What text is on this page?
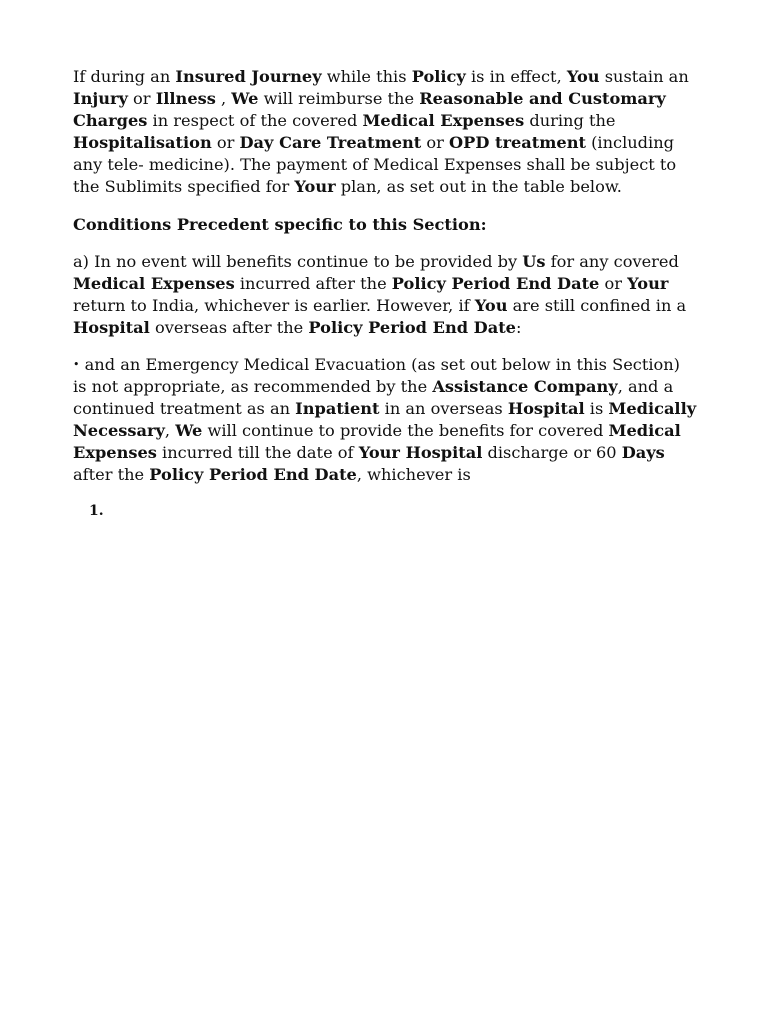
If during an Insured Journey while this Policy is in effect, You sustain an Injury or Illness , We will reimburse the Reasonable and Customary Charges in respect of the covered Medical Expenses during the Hospitalisation or Day Care Treatment or OPD treatment (including any tele- medicine). The payment of Medical Expenses shall be subject to the Sublimits specified for Your plan, as set out in the table below.

Conditions Precedent specific to this Section:

a) In no event will benefits continue to be provided by Us for any covered Medical Expenses incurred after the Policy Period End Date or Your return to India, whichever is earlier. However, if You are still confined in a Hospital overseas after the Policy Period End Date:

• and an Emergency Medical Evacuation (as set out below in this Section) is not appropriate, as recommended by the Assistance Company, and a continued treatment as an Inpatient in an overseas Hospital is Medically Necessary, We will continue to provide the benefits for covered Medical Expenses incurred till the date of Your Hospital discharge or 60 Days after the Policy Period End Date, whichever is

1.
